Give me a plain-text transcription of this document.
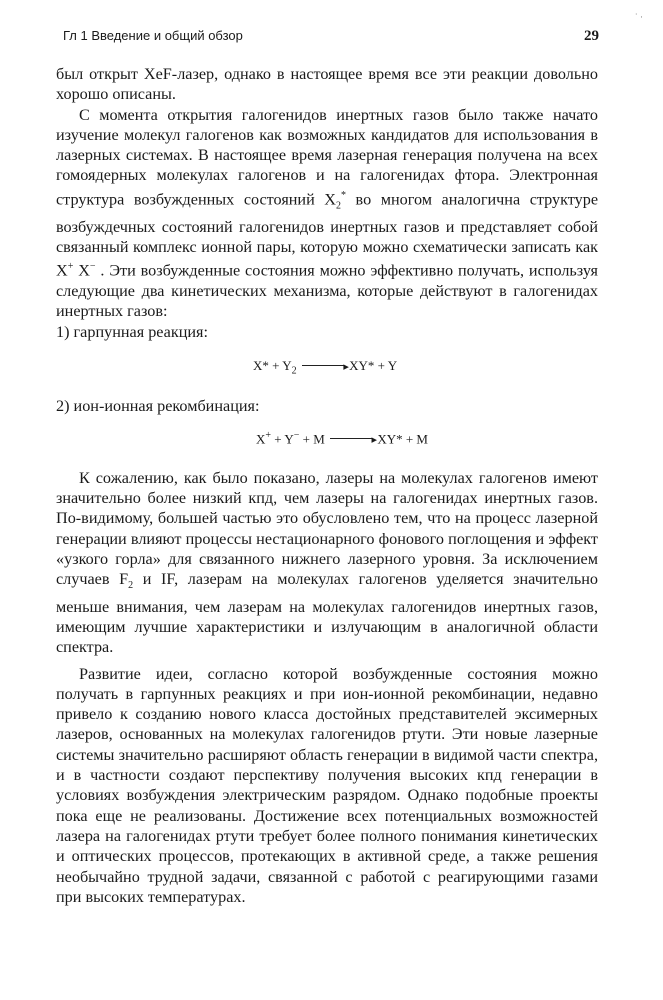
˙ ·
Гл 1 Введение и общий обзор	29

был открыт XeF-лазер, однако в настоящее время все эти реакции довольно хорошо описаны.

С момента открытия галогенидов инертных газов было также начато изучение молекул галогенов как возможных кандидатов для использования в лазерных системах. В настоящее время лазерная генерация получена на всех гомоядерных молекулах галогенов и на галогенидах фтора. Электронная структура возбужденных состояний $X_2^*$ во многом аналогична структуре возбуждечных состояний галогенидов инертных газов и представляет собой связанный комплекс ионной пары, которую можно схематически записать как X+ X− . Эти возбужденные состояния можно эффективно получать, используя следующие два кинетических механизма, которые действуют в галогенидах инертных газов:

1) гарпунная реакция:

$X* + Y_2$ ▸	XY* + Y

2) ион-ионная рекомбинация:

X+ + Y− + M ▸	XY* + M

К сожалению, как было показано, лазеры на молекулах галогенов имеют значительно более низкий кпд, чем лазеры на галогенидах инертных газов. По-видимому, большей частью это обусловлено тем, что на процесс лазерной генерации влияют процессы нестационарного фонового поглощения и эффект «узкого горла» для связанного нижнего лазерного уровня. За исключением случаев $F_2$ и IF, лазерам на молекулах галогенов уделяется значительно меньше внимания, чем лазерам на молекулах галогенидов инертных газов, имеющим лучшие характеристики и излучающим в аналогичной области спектра.

Развитие идеи, согласно которой возбужденные состояния можно получать в гарпунных реакциях и при ион-ионной рекомбинации, недавно привело к созданию нового класса достойных представителей эксимерных лазеров, основанных на молекулах галогенидов ртути. Эти новые лазерные системы значительно расширяют область генерации в видимой части спектра, и в частности создают перспективу получения высоких кпд генерации в условиях возбуждения электрическим разрядом. Однако подобные проекты пока еще не реализованы. Достижение всех потенциальных возможностей лазера на галогенидах ртути требует более полного понимания кинетических и оптических процессов, протекающих в активной среде, а также решения необычайно трудной задачи, связанной с работой с реагирующими газами при высоких температурах.
